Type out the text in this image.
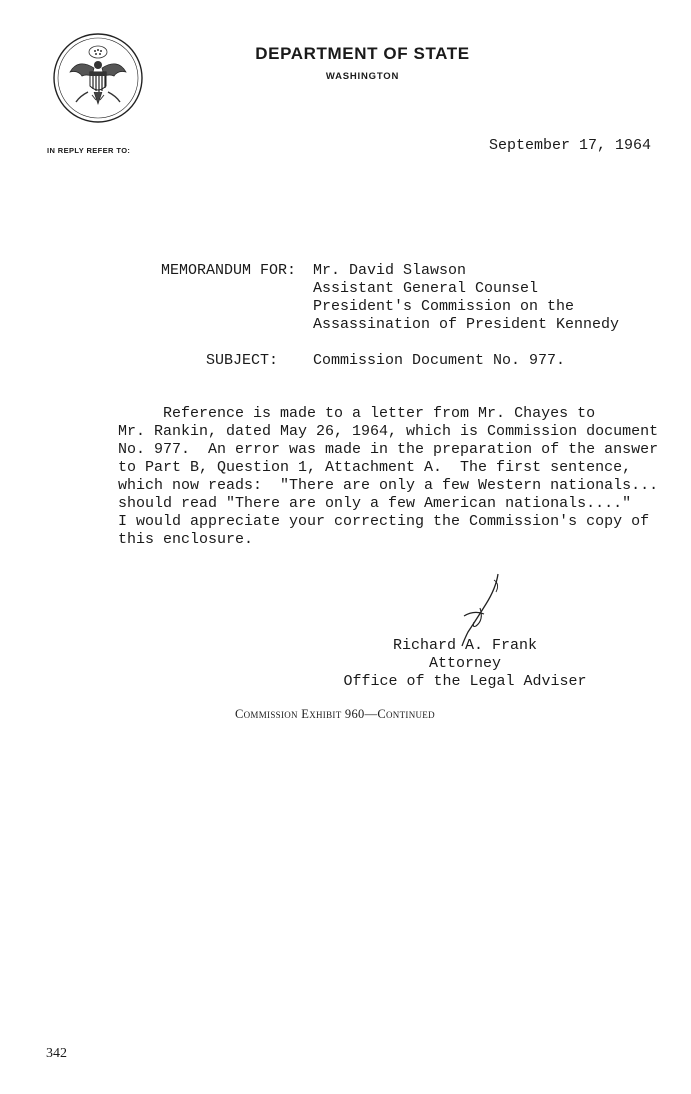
DEPARTMENT OF STATE
WASHINGTON
IN REPLY REFER TO:	September 17, 1964
MEMORANDUM FOR: Mr. David Slawson
Assistant General Counsel
President's Commission on the
Assassination of President Kennedy
SUBJECT: Commission Document No. 977.
Reference is made to a letter from Mr. Chayes to
Mr. Rankin, dated May 26, 1964, which is Commission document
No. 977.  An error was made in the preparation of the answer
to Part B, Question 1, Attachment A.  The first sentence,
which now reads:  "There are only a few Western nationals...
should read "There are only a few American nationals...."
I would appreciate your correcting the Commission's copy of
this enclosure.
Richard A. Frank
Attorney
Office of the Legal Adviser
Commission Exhibit 960—Continued
342
